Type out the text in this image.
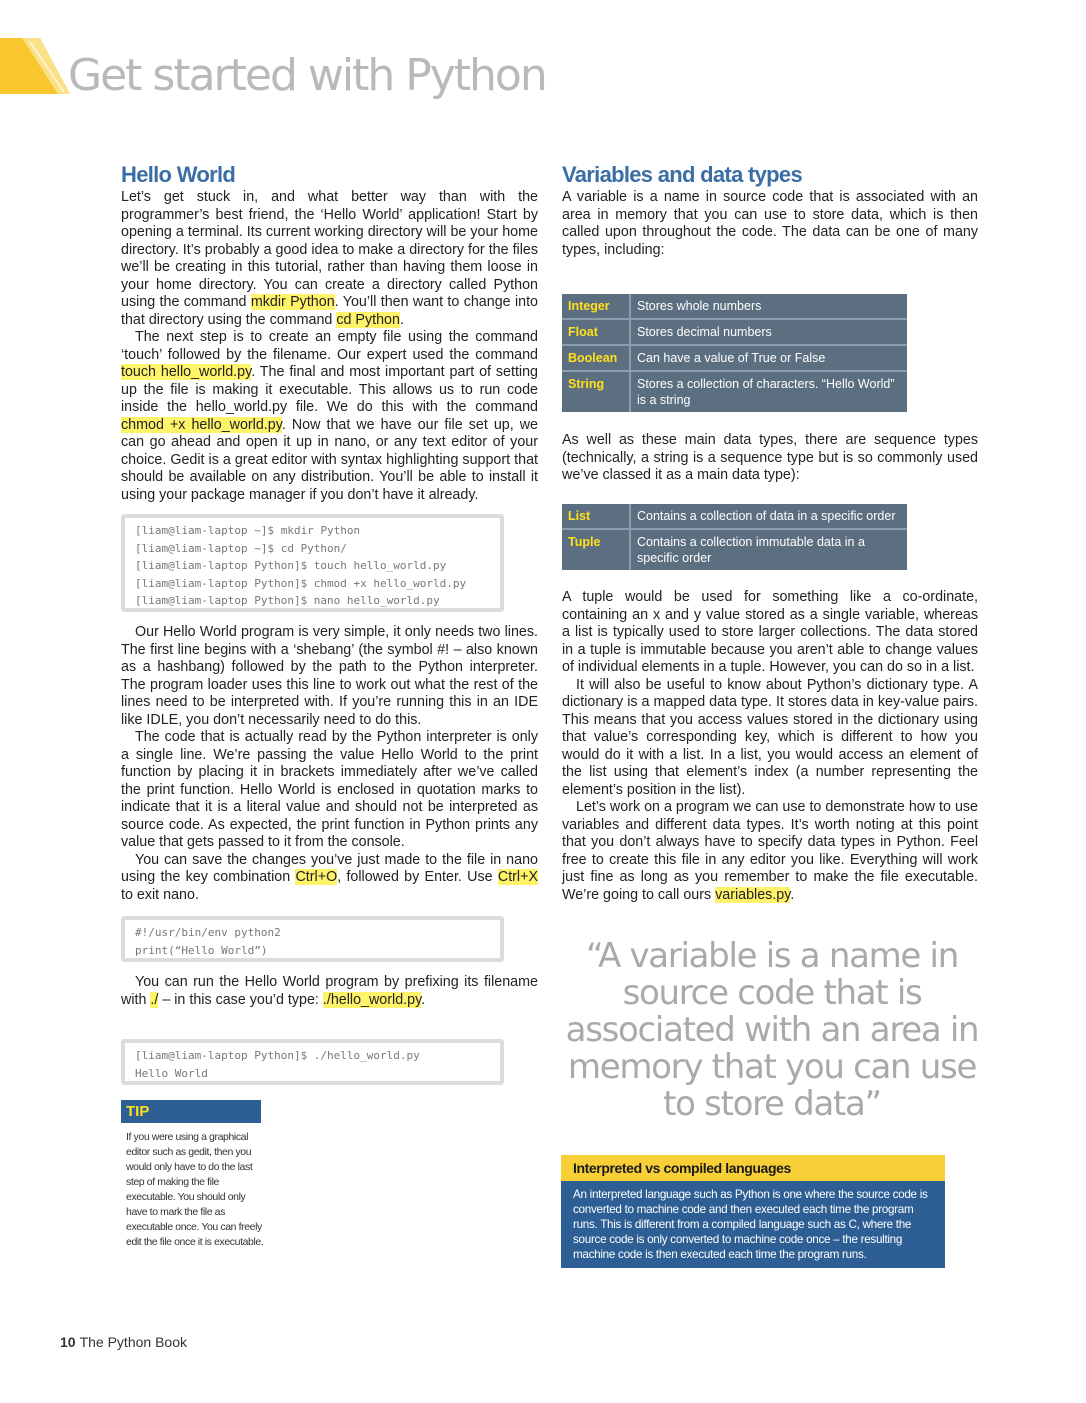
Get started with Python
Hello World

Let’s get stuck in, and what better way than with the programmer’s best friend, the ‘Hello World’ application! Start by opening a terminal. Its current working directory will be your home directory. It’s probably a good idea to make a directory for the files we’ll be creating in this tutorial, rather than having them loose in your home directory. You can create a directory called Python using the command mkdir Python. You’ll then want to change into that directory using the command cd Python.

The next step is to create an empty file using the command ‘touch’ followed by the filename. Our expert used the command touch hello_world.py. The final and most important part of setting up the file is making it executable. This allows us to run code inside the hello_world.py file. We do this with the command chmod +x hello_world.py. Now that we have our file set up, we can go ahead and open it up in nano, or any text editor of your choice. Gedit is a great editor with syntax highlighting support that should be available on any distribution. You’ll be able to install it using your package manager if you don’t have it already.

[liam@liam-laptop ~]$ mkdir Python
[liam@liam-laptop ~]$ cd Python/
[liam@liam-laptop Python]$ touch hello_world.py
[liam@liam-laptop Python]$ chmod +x hello_world.py
[liam@liam-laptop Python]$ nano hello_world.py

Our Hello World program is very simple, it only needs two lines. The first line begins with a ‘shebang’ (the symbol #! – also known as a hashbang) followed by the path to the Python interpreter. The program loader uses this line to work out what the rest of the lines need to be interpreted with. If you’re running this in an IDE like IDLE, you don’t necessarily need to do this.

The code that is actually read by the Python interpreter is only a single line. We’re passing the value Hello World to the print function by placing it in brackets immediately after we’ve called the print function. Hello World is enclosed in quotation marks to indicate that it is a literal value and should not be interpreted as source code. As expected, the print function in Python prints any value that gets passed to it from the console.

You can save the changes you’ve just made to the file in nano using the key combination Ctrl+O, followed by Enter. Use Ctrl+X to exit nano.

#!/usr/bin/env python2
print(“Hello World”)

You can run the Hello World program by prefixing its filename with ./ – in this case you’d type: ./hello_world.py.

[liam@liam-laptop Python]$ ./hello_world.py
Hello World
TIP
If you were using a graphical editor such as gedit, then you would only have to do the last step of making the file executable. You should only have to mark the file as executable once. You can freely edit the file once it is executable.
Variables and data types

A variable is a name in source code that is associated with an area in memory that you can use to store data, which is then called upon throughout the code. The data can be one of many types, including:

Integer	Stores whole numbers
Float	Stores decimal numbers
Boolean	Can have a value of True or False
String	Stores a collection of characters. “Hello World” is a string

As well as these main data types, there are sequence types (technically, a string is a sequence type but is so commonly used we’ve classed it as a main data type):

List	Contains a collection of data in a specific order
Tuple	Contains a collection immutable data in a specific order

A tuple would be used for something like a co-ordinate, containing an x and y value stored as a single variable, whereas a list is typically used to store larger collections. The data stored in a tuple is immutable because you aren’t able to change values of individual elements in a tuple. However, you can do so in a list.

It will also be useful to know about Python’s dictionary type. A dictionary is a mapped data type. It stores data in key-value pairs. This means that you access values stored in the dictionary using that value’s corresponding key, which is different to how you would do it with a list. In a list, you would access an element of the list using that element’s index (a number representing the element’s position in the list).

Let’s work on a program we can use to demonstrate how to use variables and different data types. It’s worth noting at this point that you don’t always have to specify data types in Python. Feel free to create this file in any editor you like. Everything will work just fine as long as you remember to make the file executable. We’re going to call ours variables.py.

“A variable is a name in source code that is associated with an area in memory that you can use to store data”
Interpreted vs compiled languages
An interpreted language such as Python is one where the source code is converted to machine code and then executed each time the program runs. This is different from a compiled language such as C, where the source code is only converted to machine code once – the resulting machine code is then executed each time the program runs.
10 The Python Book
